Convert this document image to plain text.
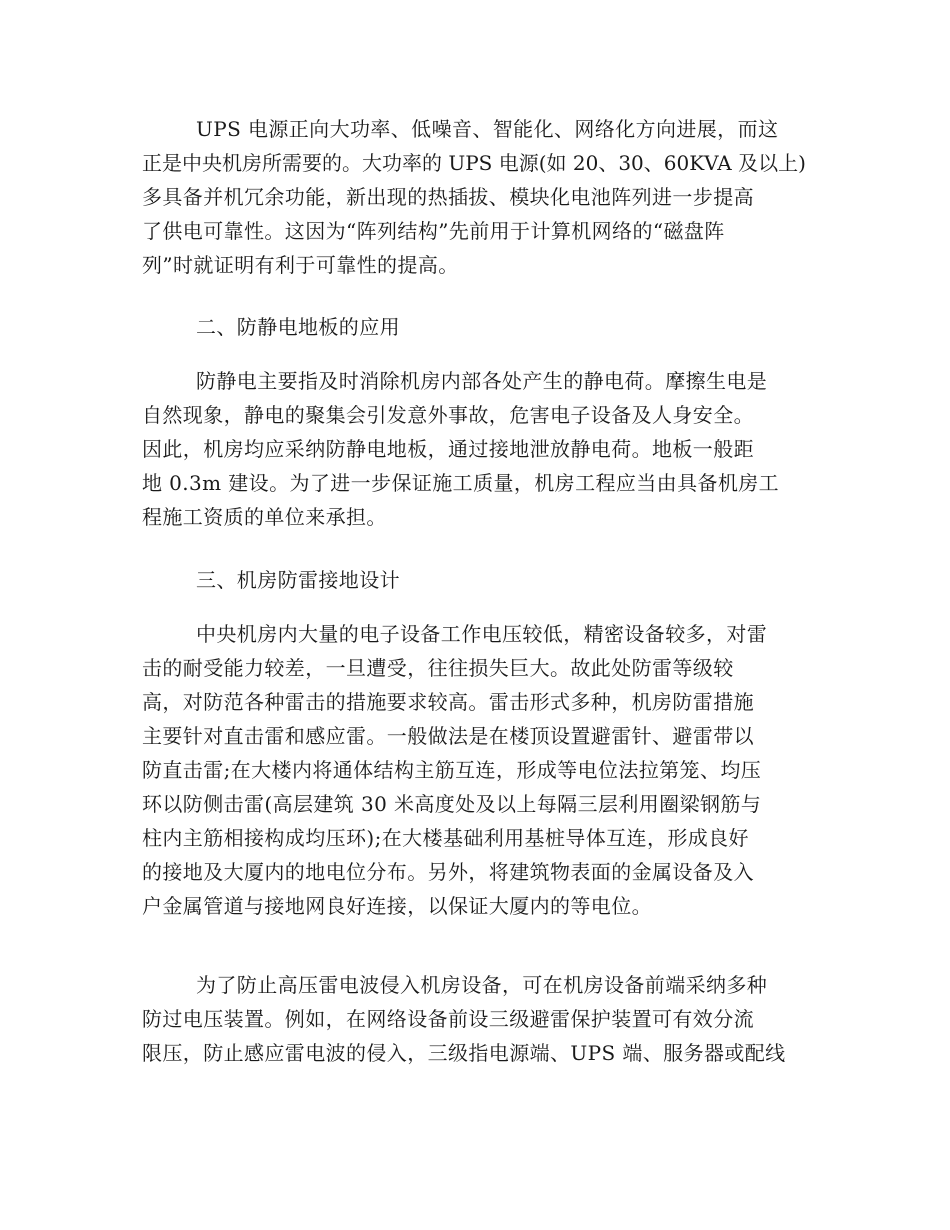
UPS 电源正向大功率、低噪音、智能化、网络化方向进展，而这
正是中央机房所需要的。大功率的 UPS 电源(如 20、30、60KVA 及以上)
多具备并机冗余功能，新出现的热插拔、模块化电池阵列进一步提高
了供电可靠性。这因为“阵列结构”先前用于计算机网络的“磁盘阵
列”时就证明有利于可靠性的提高。
二、防静电地板的应用
防静电主要指及时消除机房内部各处产生的静电荷。摩擦生电是
自然现象，静电的聚集会引发意外事故，危害电子设备及人身安全。
因此，机房均应采纳防静电地板，通过接地泄放静电荷。地板一般距
地 0.3m 建设。为了进一步保证施工质量，机房工程应当由具备机房工
程施工资质的单位来承担。
三、机房防雷接地设计
中央机房内大量的电子设备工作电压较低，精密设备较多，对雷
击的耐受能力较差，一旦遭受，往往损失巨大。故此处防雷等级较
高，对防范各种雷击的措施要求较高。雷击形式多种，机房防雷措施
主要针对直击雷和感应雷。一般做法是在楼顶设置避雷针、避雷带以
防直击雷;在大楼内将通体结构主筋互连，形成等电位法拉第笼、均压
环以防侧击雷(高层建筑 30 米高度处及以上每隔三层利用圈梁钢筋与
柱内主筋相接构成均压环);在大楼基础利用基桩导体互连，形成良好
的接地及大厦内的地电位分布。另外，将建筑物表面的金属设备及入
户金属管道与接地网良好连接，以保证大厦内的等电位。
为了防止高压雷电波侵入机房设备，可在机房设备前端采纳多种
防过电压装置。例如，在网络设备前设三级避雷保护装置可有效分流
限压，防止感应雷电波的侵入，三级指电源端、UPS 端、服务器或配线
